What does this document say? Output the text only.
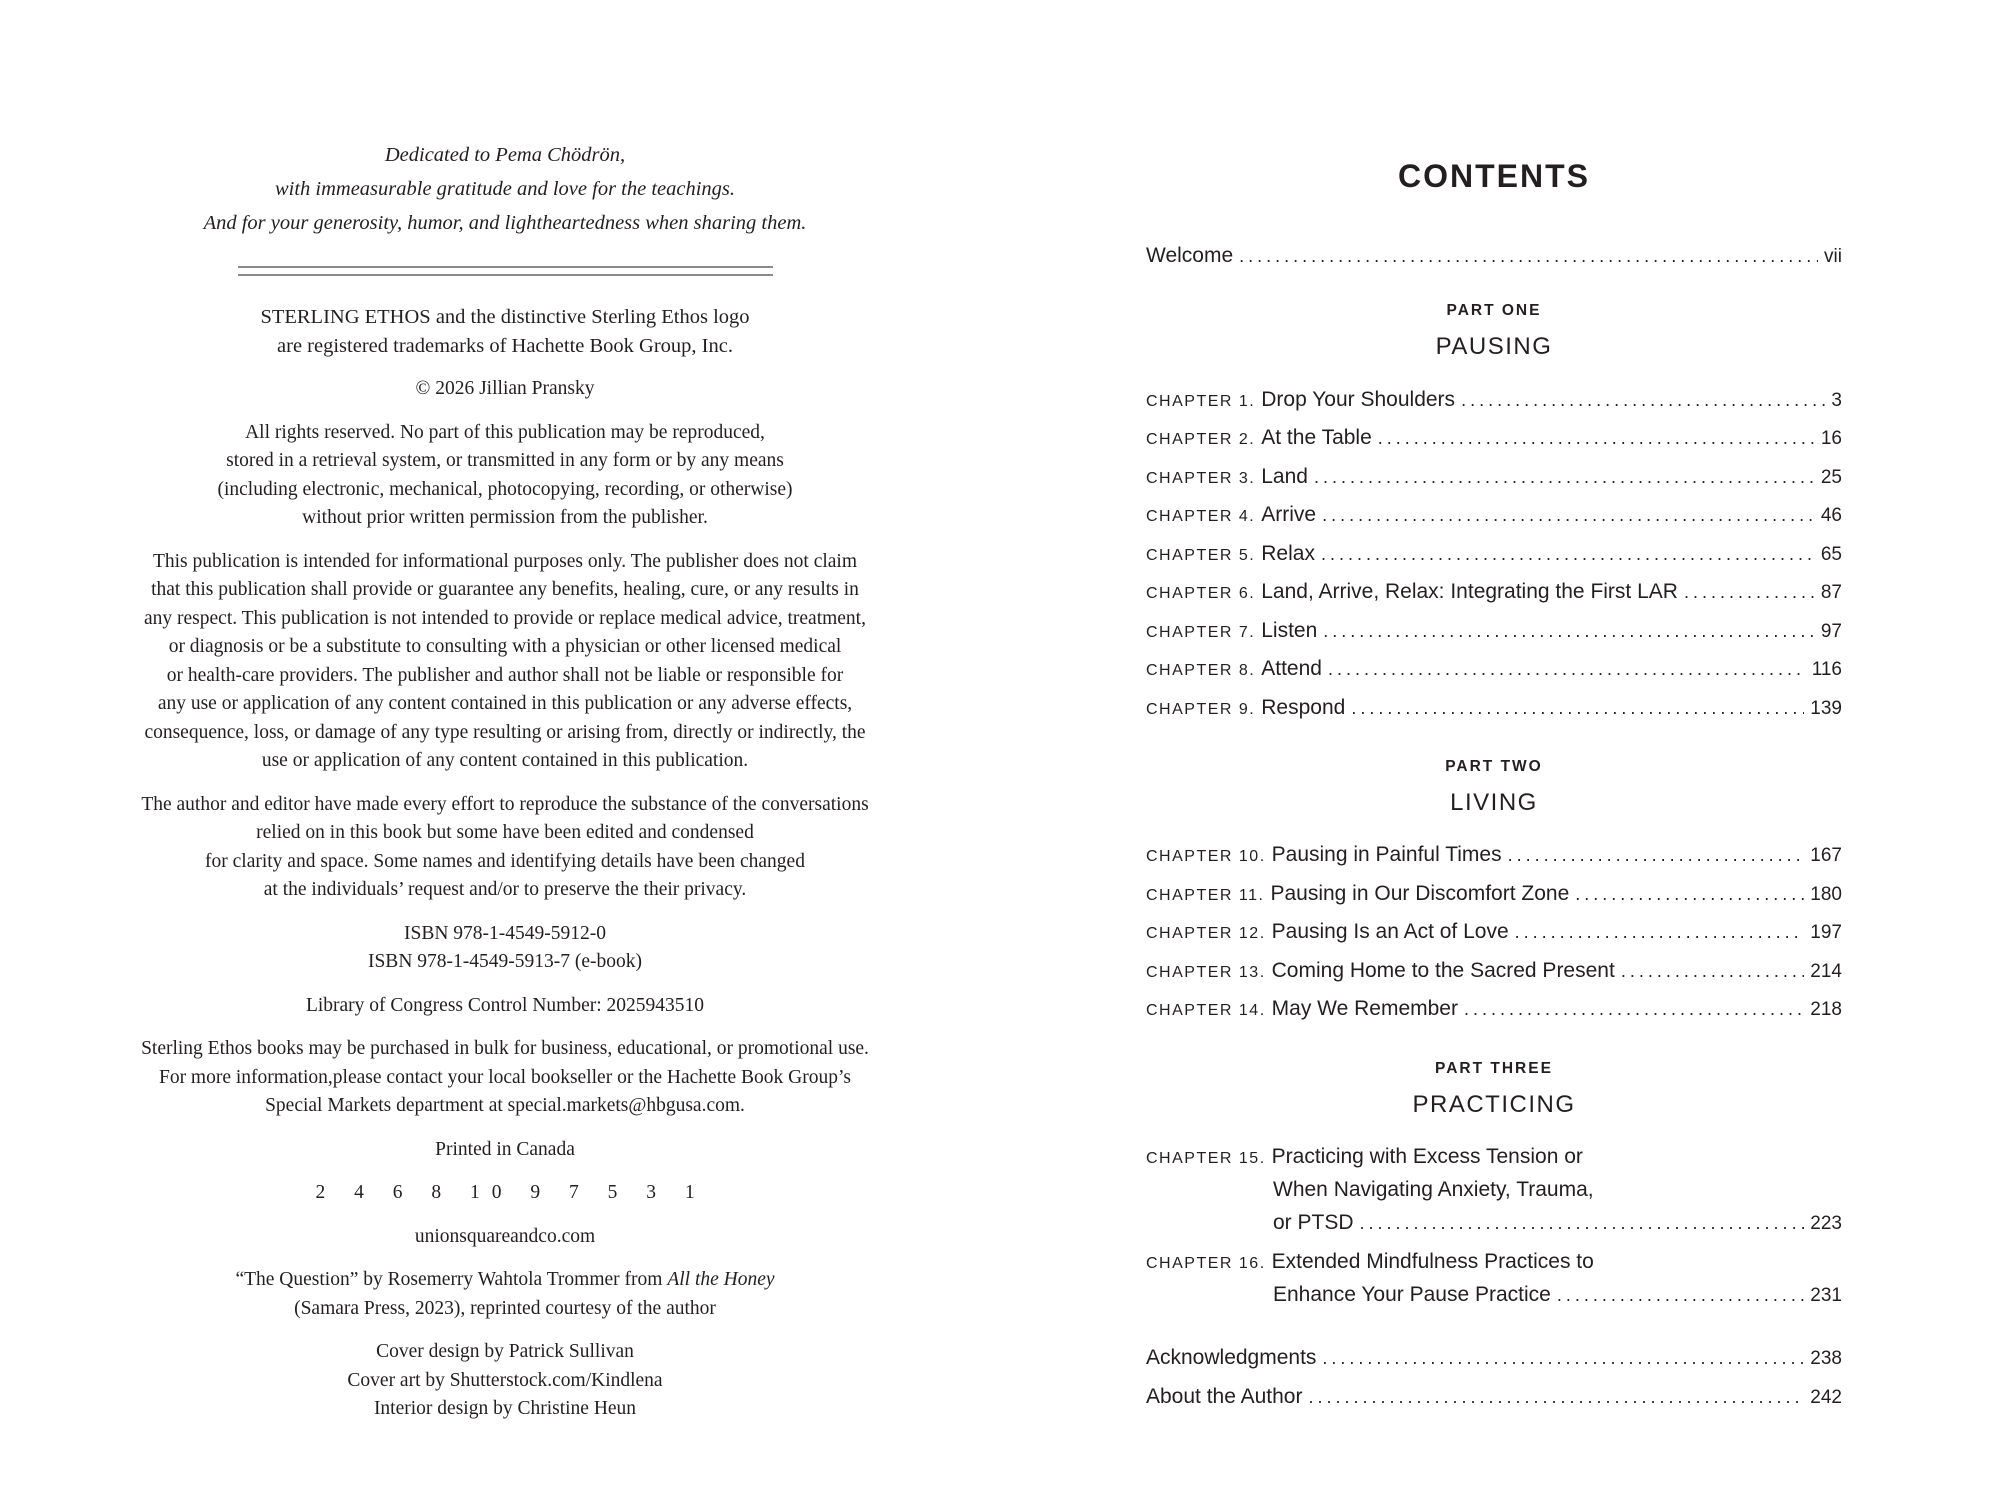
Dedicated to Pema Chödrön,
with immeasurable gratitude and love for the teachings.
And for your generosity, humor, and lightheartedness when sharing them.

STERLING ETHOS and the distinctive Sterling Ethos logo
are registered trademarks of Hachette Book Group, Inc.

© 2026 Jillian Pransky

All rights reserved. No part of this publication may be reproduced,
stored in a retrieval system, or transmitted in any form or by any means
(including electronic, mechanical, photocopying, recording, or otherwise)
without prior written permission from the publisher.

This publication is intended for informational purposes only. The publisher does not claim
that this publication shall provide or guarantee any benefits, healing, cure, or any results in
any respect. This publication is not intended to provide or replace medical advice, treatment,
or diagnosis or be a substitute to consulting with a physician or other licensed medical
or health-care providers. The publisher and author shall not be liable or responsible for
any use or application of any content contained in this publication or any adverse effects,
consequence, loss, or damage of any type resulting or arising from, directly or indirectly, the
use or application of any content contained in this publication.

The author and editor have made every effort to reproduce the substance of the conversations
relied on in this book but some have been edited and condensed
for clarity and space. Some names and identifying details have been changed
at the individuals’ request and/or to preserve the their privacy.

ISBN 978-1-4549-5912-0
ISBN 978-1-4549-5913-7 (e-book)

Library of Congress Control Number: 2025943510

Sterling Ethos books may be purchased in bulk for business, educational, or promotional use.
For more information,please contact your local bookseller or the Hachette Book Group’s
Special Markets department at special.markets@hbgusa.com.

Printed in Canada

2 4 6 8 10 9 7 5 3 1

unionsquareandco.com

“The Question” by Rosemerry Wahtola Trommer from All the Honey
(Samara Press, 2023), reprinted courtesy of the author

Cover design by Patrick Sullivan
Cover art by Shutterstock.com/Kindlena
Interior design by Christine Heun

CONTENTS
Welcome .....	vii
PART ONE
PAUSING
CHAPTER 1. Drop Your Shoulders .....	3
CHAPTER 2. At the Table .....	16
CHAPTER 3. Land .....	25
CHAPTER 4. Arrive .....	46
CHAPTER 5. Relax .....	65
CHAPTER 6. Land, Arrive, Relax: Integrating the First LAR .....	87
CHAPTER 7. Listen .....	97
CHAPTER 8. Attend .....	116
CHAPTER 9. Respond .....	139
PART TWO
LIVING
CHAPTER 10. Pausing in Painful Times .....	167
CHAPTER 11. Pausing in Our Discomfort Zone .....	180
CHAPTER 12. Pausing Is an Act of Love .....	197
CHAPTER 13. Coming Home to the Sacred Present .....	214
CHAPTER 14. May We Remember .....	218
PART THREE
PRACTICING
CHAPTER 15. Practicing with Excess Tension or
When Navigating Anxiety, Trauma,
or PTSD .....	223
CHAPTER 16. Extended Mindfulness Practices to
Enhance Your Pause Practice .....	231
Acknowledgments .....	238
About the Author .....	242
